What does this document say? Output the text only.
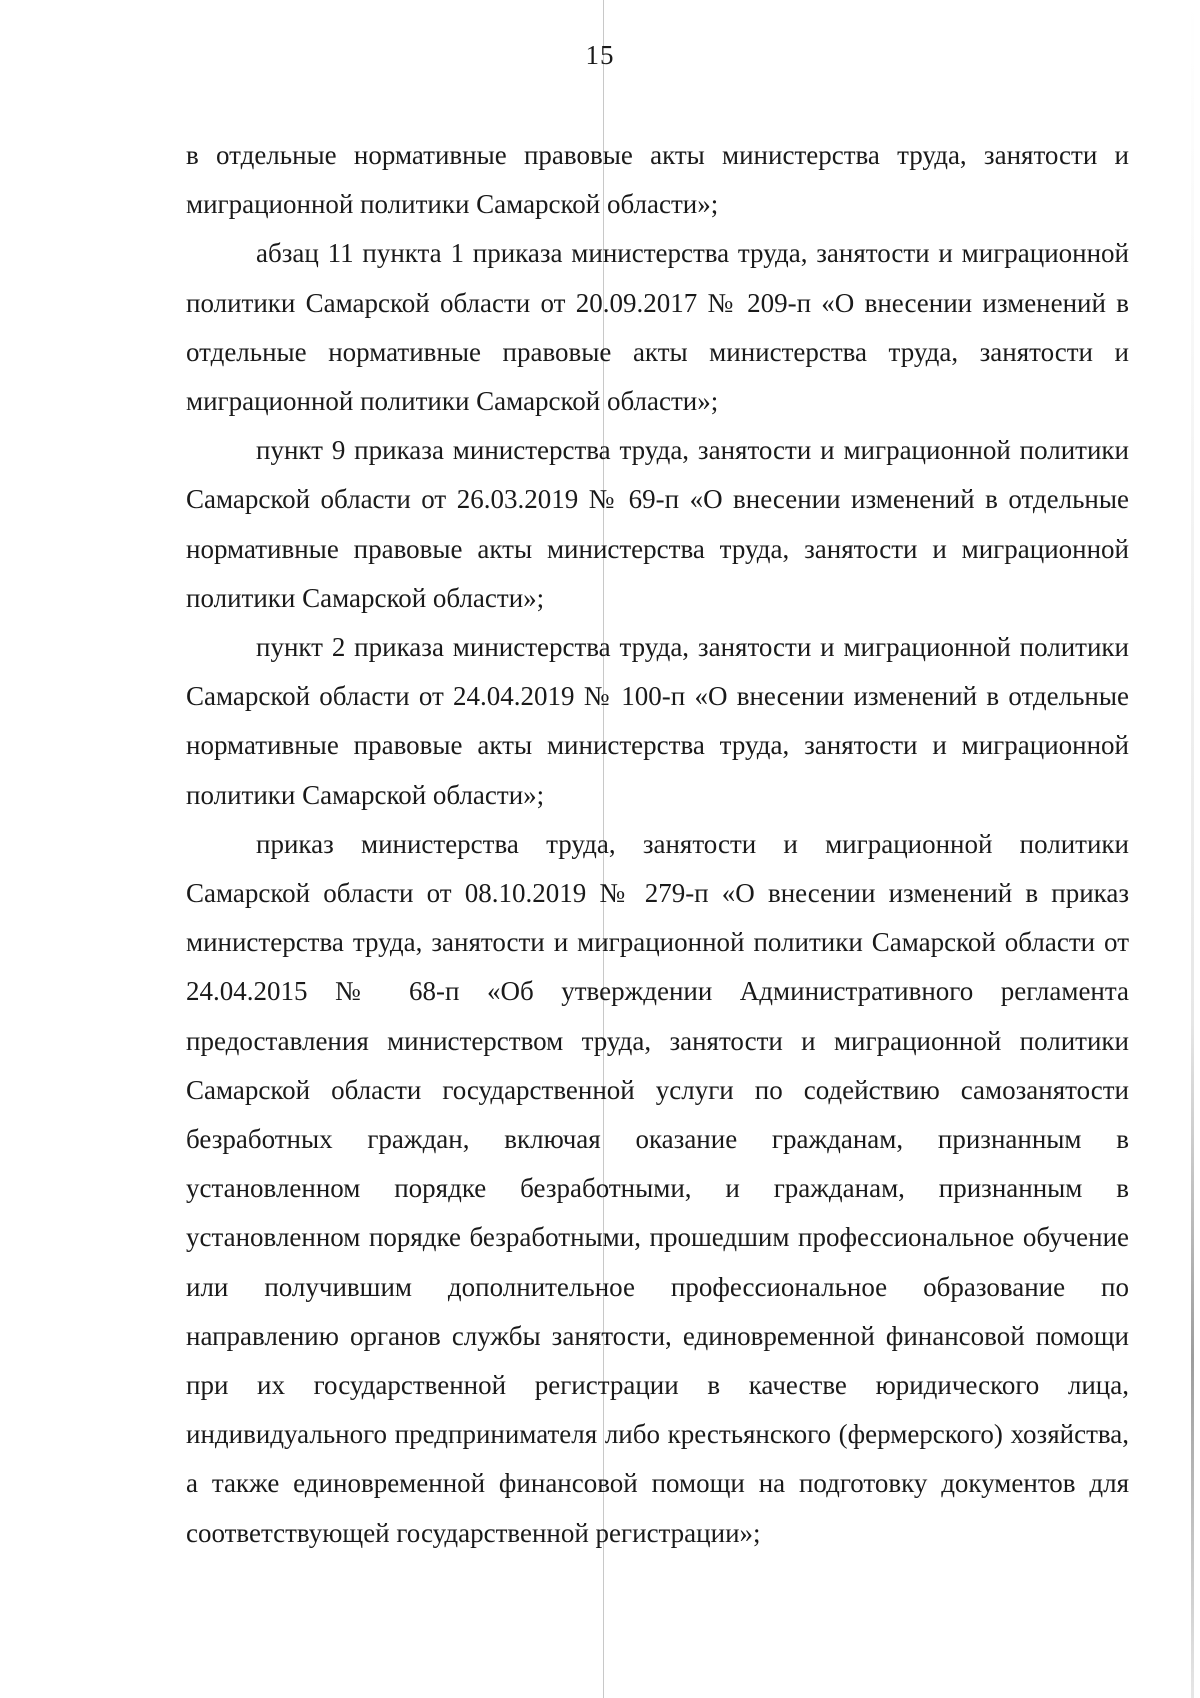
15

в отдельные нормативные правовые акты министерства труда, занятости и миграционной политики Самарской области»;

абзац 11 пункта 1 приказа министерства труда, занятости и миграционной политики Самарской области от 20.09.2017 № 209-п «О внесении изменений в отдельные нормативные правовые акты министерства труда, занятости и миграционной политики Самарской области»;

пункт 9 приказа министерства труда, занятости и миграционной политики Самарской области от 26.03.2019 № 69-п «О внесении изменений в отдельные нормативные правовые акты министерства труда, занятости и миграционной политики Самарской области»;

пункт 2 приказа министерства труда, занятости и миграционной политики Самарской области от 24.04.2019 № 100-п «О внесении изменений в отдельные нормативные правовые акты министерства труда, занятости и миграционной политики Самарской области»;

приказ министерства труда, занятости и миграционной политики Самарской области от 08.10.2019 № 279-п «О внесении изменений в приказ министерства труда, занятости и миграционной политики Самарской области от 24.04.2015 № 68-п «Об утверждении Административного регламента предоставления министерством труда, занятости и миграционной политики Самарской области государственной услуги по содействию самозанятости безработных граждан, включая оказание гражданам, признанным в установленном порядке безработными, и гражданам, признанным в установленном порядке безработными, прошедшим профессиональное обучение или получившим дополнительное профессиональное образование по направлению органов службы занятости, единовременной финансовой помощи при их государственной регистрации в качестве юридического лица, индивидуального предпринимателя либо крестьянского (фермерского) хозяйства, а также единовременной финансовой помощи на подготовку документов для соответствующей государственной регистрации»;
